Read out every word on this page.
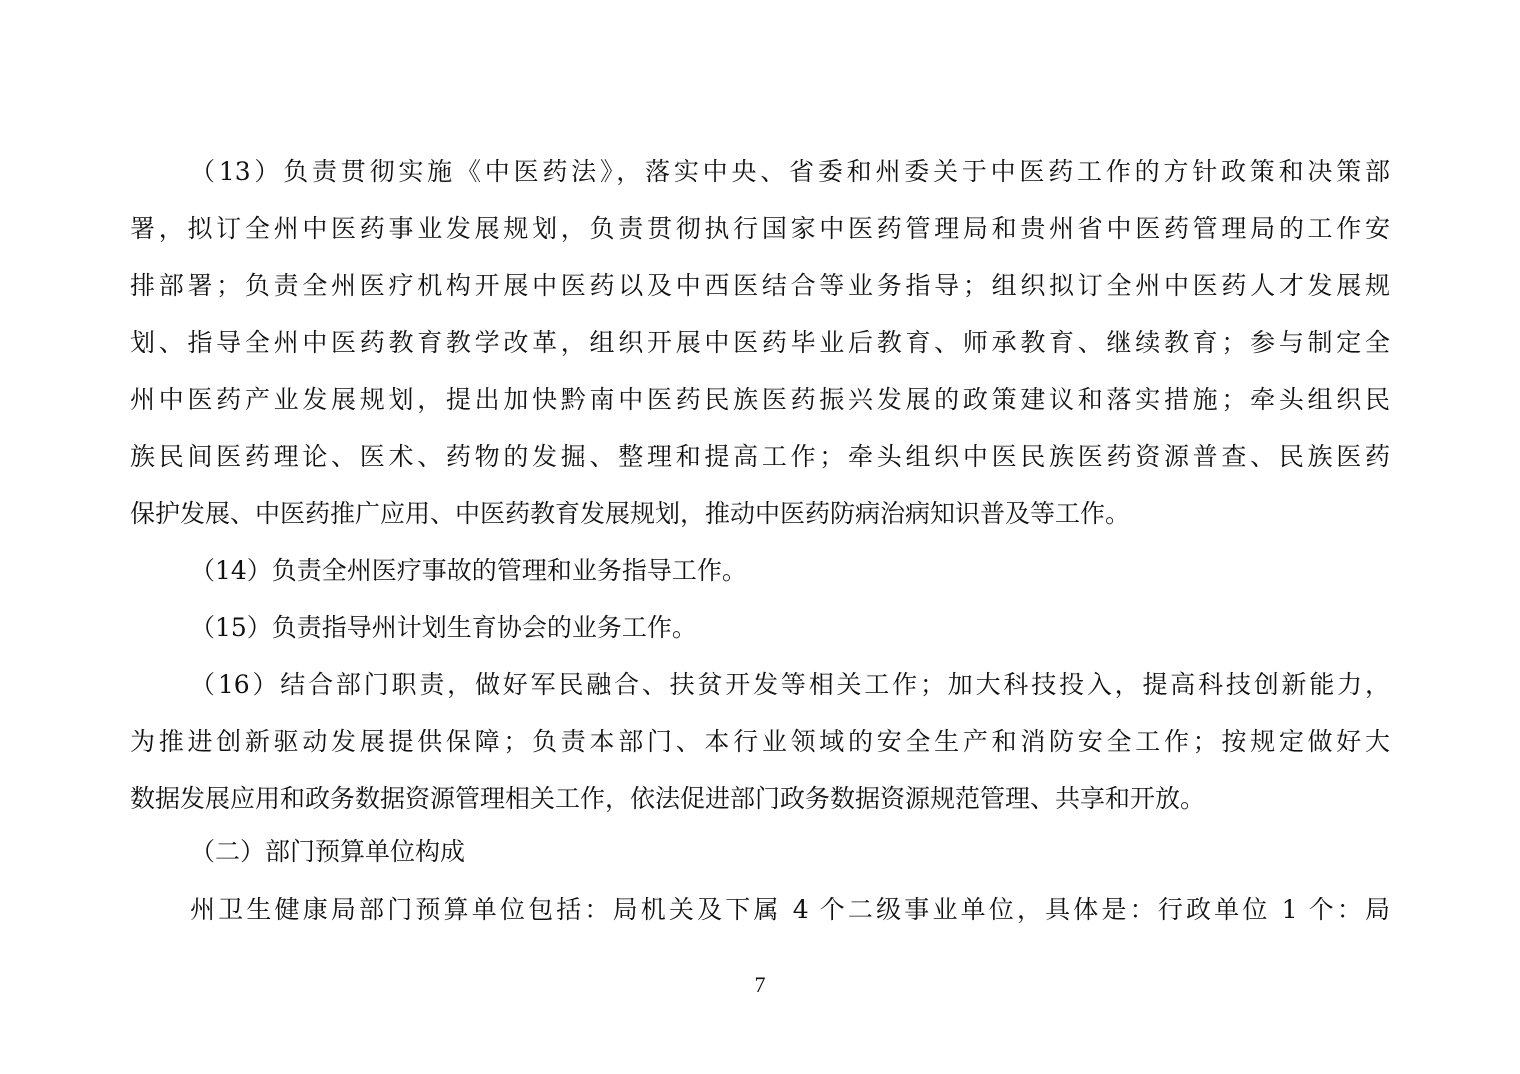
（13）负责贯彻实施《中医药法》，落实中央、省委和州委关于中医药工作的方针政策和决策部
署，拟订全州中医药事业发展规划，负责贯彻执行国家中医药管理局和贵州省中医药管理局的工作安
排部署；负责全州医疗机构开展中医药以及中西医结合等业务指导；组织拟订全州中医药人才发展规
划、指导全州中医药教育教学改革，组织开展中医药毕业后教育、师承教育、继续教育；参与制定全
州中医药产业发展规划，提出加快黔南中医药民族医药振兴发展的政策建议和落实措施；牵头组织民
族民间医药理论、医术、药物的发掘、整理和提高工作；牵头组织中医民族医药资源普查、民族医药
保护发展、中医药推广应用、中医药教育发展规划，推动中医药防病治病知识普及等工作。
（14）负责全州医疗事故的管理和业务指导工作。
（15）负责指导州计划生育协会的业务工作。
（16）结合部门职责，做好军民融合、扶贫开发等相关工作；加大科技投入，提高科技创新能力，
为推进创新驱动发展提供保障；负责本部门、本行业领域的安全生产和消防安全工作；按规定做好大
数据发展应用和政务数据资源管理相关工作，依法促进部门政务数据资源规范管理、共享和开放。
（二）部门预算单位构成
州卫生健康局部门预算单位包括：局机关及下属 4 个二级事业单位，具体是：行政单位 1 个：局
7
